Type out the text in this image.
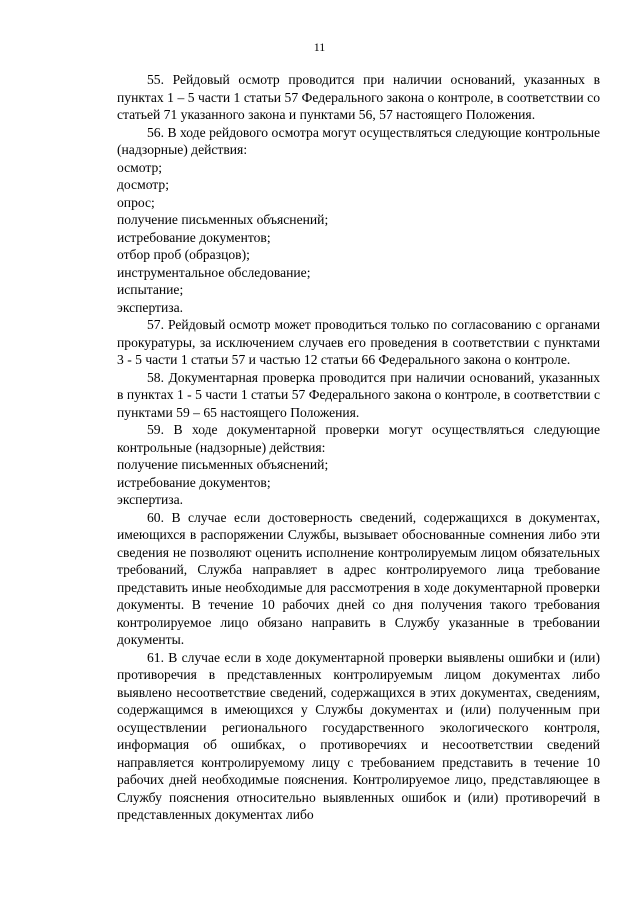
11

55. Рейдовый осмотр проводится при наличии оснований, указанных в пунктах 1 – 5 части 1 статьи 57 Федерального закона о контроле, в соответствии со статьей 71 указанного закона и пунктами 56, 57 настоящего Положения.

56. В ходе рейдового осмотра могут осуществляться следующие контрольные (надзорные) действия:

осмотр;

досмотр;

опрос;

получение письменных объяснений;

истребование документов;

отбор проб (образцов);

инструментальное обследование;

испытание;

экспертиза.

57. Рейдовый осмотр может проводиться только по согласованию с органами прокуратуры, за исключением случаев его проведения в соответствии с пунктами 3 - 5 части 1 статьи 57 и частью 12 статьи 66 Федерального закона о контроле.

58. Документарная проверка проводится при наличии оснований, указанных в пунктах 1 - 5 части 1 статьи 57 Федерального закона о контроле, в соответствии с пунктами 59 – 65 настоящего Положения.

59. В ходе документарной проверки могут осуществляться следующие контрольные (надзорные) действия:

получение письменных объяснений;

истребование документов;

экспертиза.

60. В случае если достоверность сведений, содержащихся в документах, имеющихся в распоряжении Службы, вызывает обоснованные сомнения либо эти сведения не позволяют оценить исполнение контролируемым лицом обязательных требований, Служба направляет в адрес контролируемого лица требование представить иные необходимые для рассмотрения в ходе документарной проверки документы. В течение 10 рабочих дней со дня получения такого требования контролируемое лицо обязано направить в Службу указанные в требовании документы.

61. В случае если в ходе документарной проверки выявлены ошибки и (или) противоречия в представленных контролируемым лицом документах либо выявлено несоответствие сведений, содержащихся в этих документах, сведениям, содержащимся в имеющихся у Службы документах и (или) полученным при осуществлении регионального государственного экологического контроля, информация об ошибках, о противоречиях и несоответствии сведений направляется контролируемому лицу с требованием представить в течение 10 рабочих дней необходимые пояснения. Контролируемое лицо, представляющее в Службу пояснения относительно выявленных ошибок и (или) противоречий в представленных документах либо
